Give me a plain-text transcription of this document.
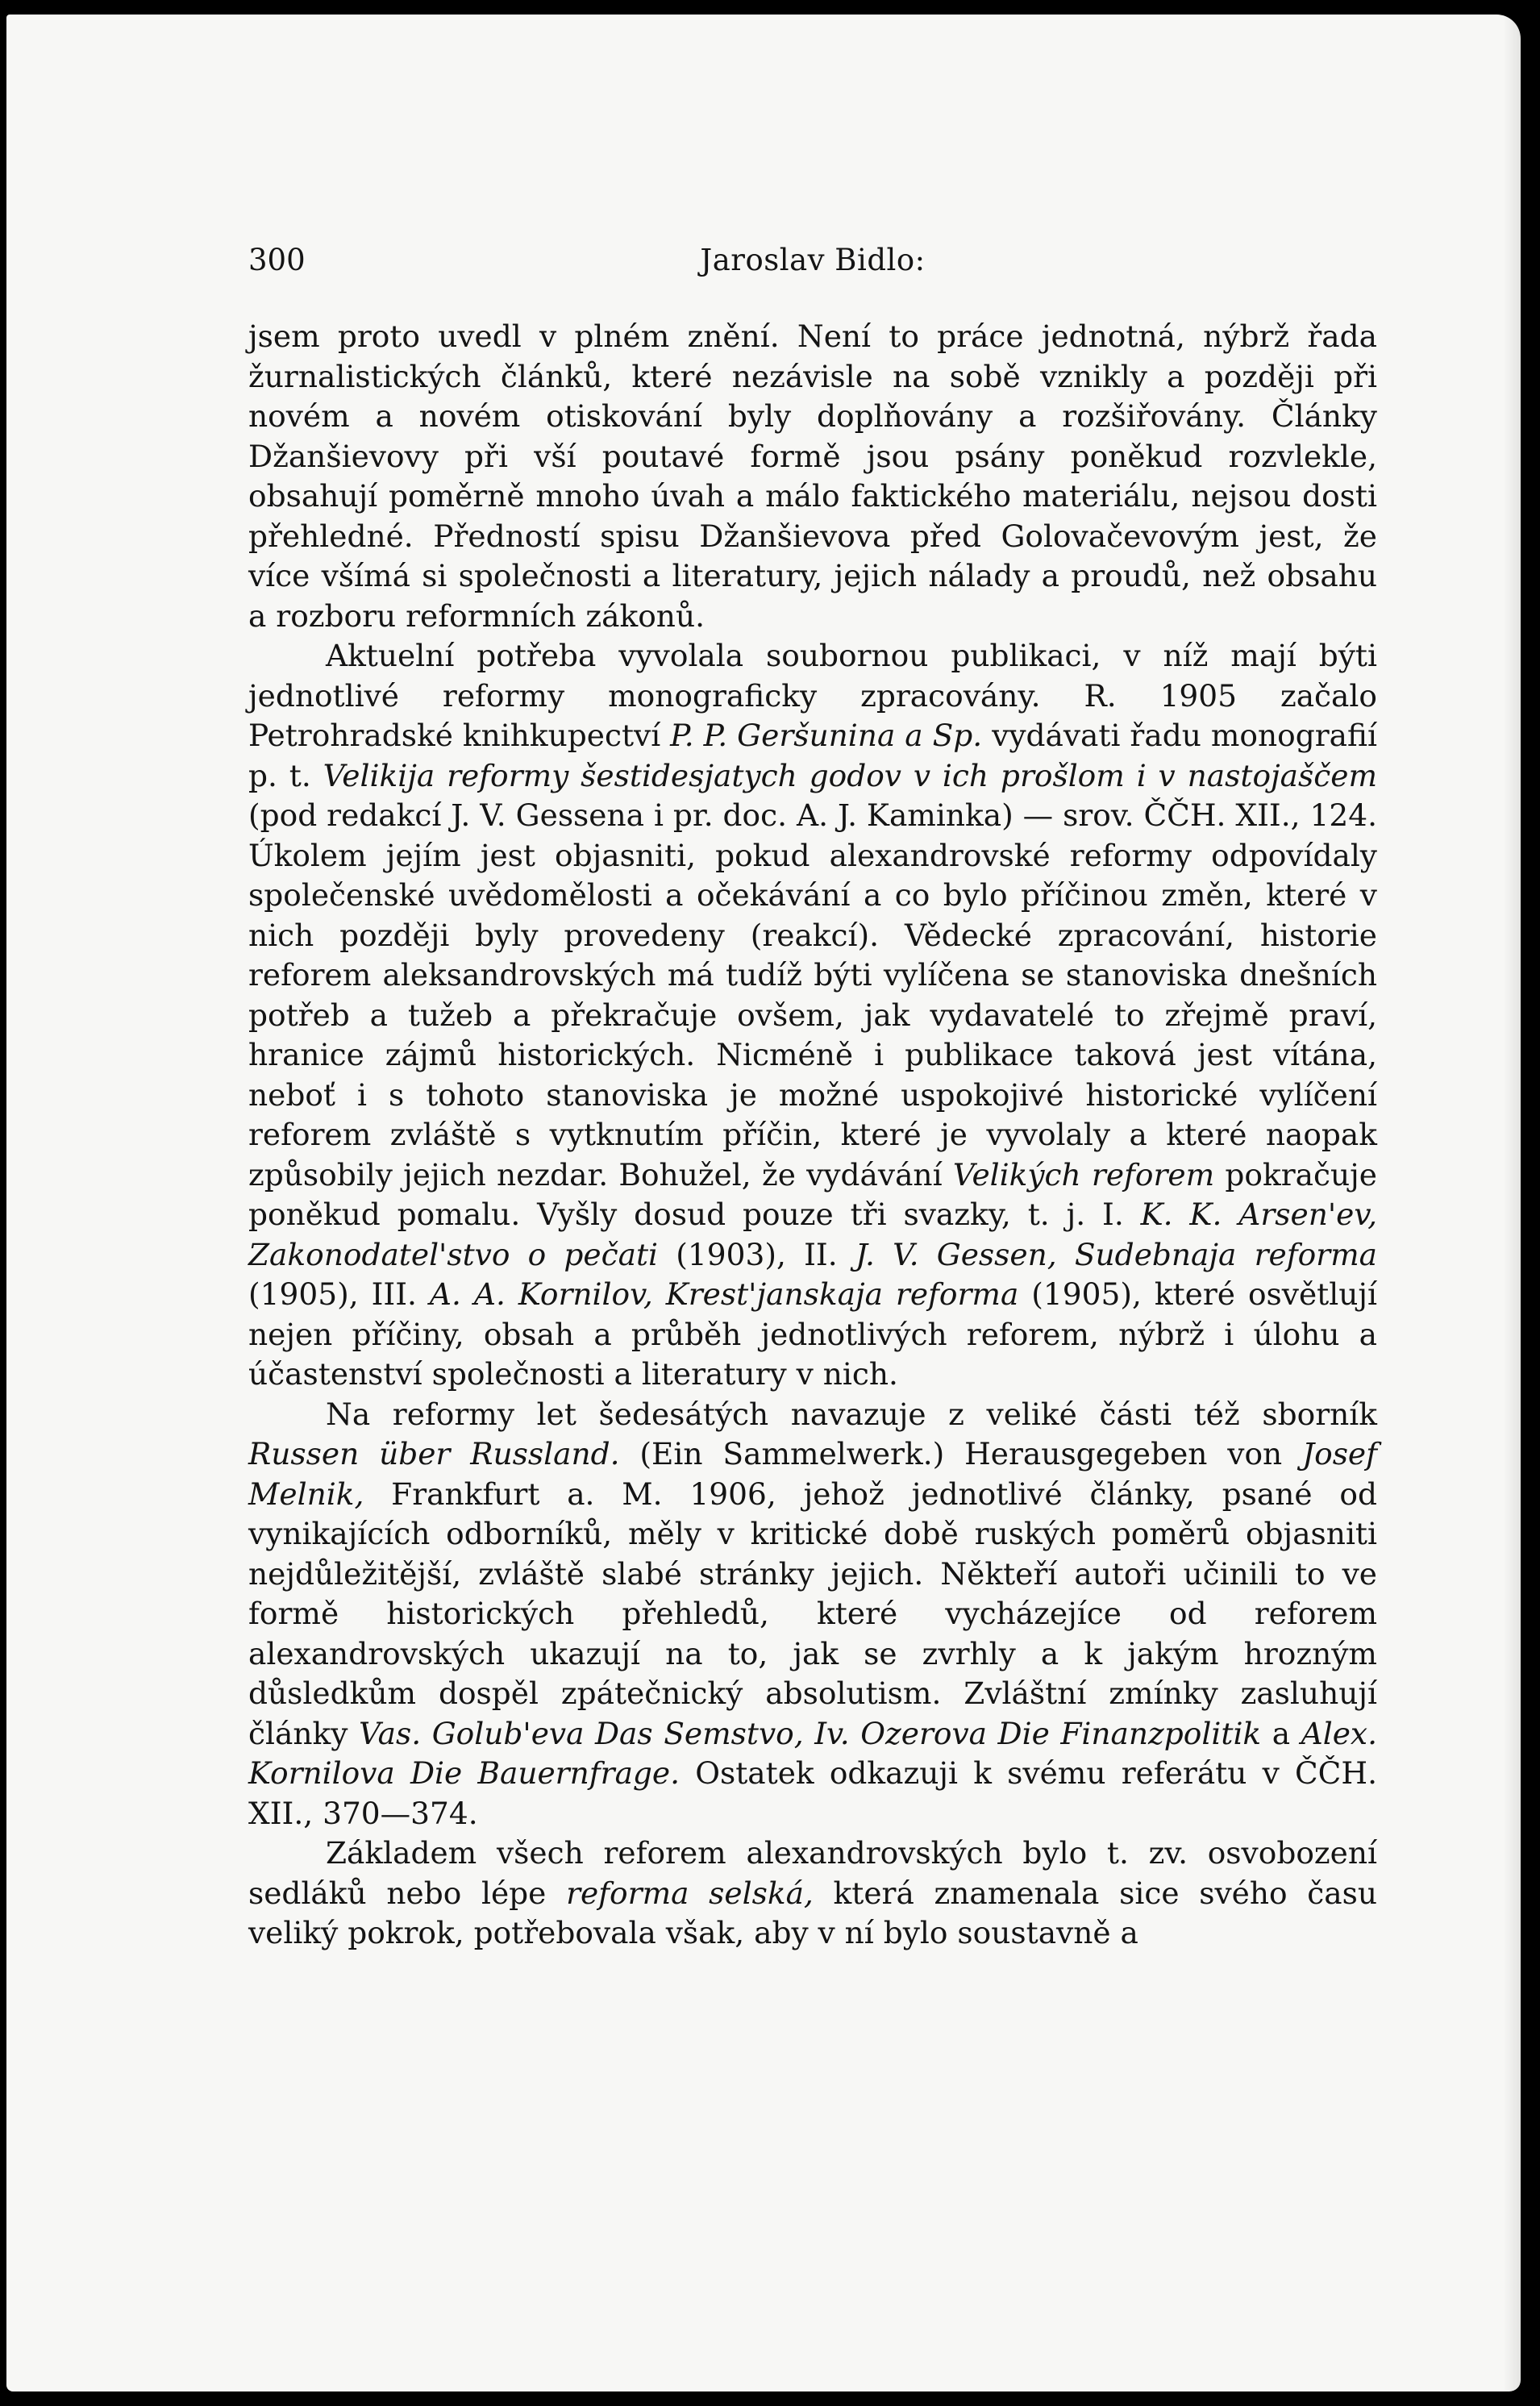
300	Jaroslav Bidlo:

jsem proto uvedl v plném znění. Není to práce jednotná, nýbrž řada žurnalistických článků, které nezávisle na sobě vznikly a později při novém a novém otiskování byly doplňovány a rozšiřovány. Články Džanšievovy při vší poutavé formě jsou psány poněkud rozvlekle, obsahují poměrně mnoho úvah a málo faktického materiálu, nejsou dosti přehledné. Předností spisu Džanšievova před Golovačevovým jest, že více všímá si společnosti a literatury, jejich nálady a proudů, než obsahu a rozboru reformních zákonů.

Aktuelní potřeba vyvolala soubornou publikaci, v níž mají býti jednotlivé reformy monograficky zpracovány. R. 1905 začalo Petrohradské knihkupectví P. P. Geršunina a Sp. vydávati řadu monografií p. t. Velikija reformy šestidesjatych godov v ich prošlom i v nastojaščem (pod redakcí J. V. Gessena i pr. doc. A. J. Kaminka) — srov. ČČH. XII., 124. Úkolem jejím jest objasniti, pokud alexandrovské reformy odpovídaly společenské uvědomělosti a očekávání a co bylo příčinou změn, které v nich později byly provedeny (reakcí). Vědecké zpracování, historie reforem aleksandrovských má tudíž býti vylíčena se stanoviska dnešních potřeb a tužeb a překračuje ovšem, jak vydavatelé to zřejmě praví, hranice zájmů historických. Nicméně i publikace taková jest vítána, neboť i s tohoto stanoviska je možné uspokojivé historické vylíčení reforem zvláště s vytknutím příčin, které je vyvolaly a které naopak způsobily jejich nezdar. Bohužel, že vydávání Velikých reforem pokračuje poněkud pomalu. Vyšly dosud pouze tři svazky, t. j. I. K. K. Arsen'ev, Zakonodatel'stvo o pečati (1903), II. J. V. Gessen, Sudebnaja reforma (1905), III. A. A. Kornilov, Krest'janskaja reforma (1905), které osvětlují nejen příčiny, obsah a průběh jednotlivých reforem, nýbrž i úlohu a účastenství společnosti a literatury v nich.

Na reformy let šedesátých navazuje z veliké části též sborník Russen über Russland. (Ein Sammelwerk.) Herausgegeben von Josef Melnik, Frankfurt a. M. 1906, jehož jednotlivé články, psané od vynikajících odborníků, měly v kritické době ruských poměrů objasniti nejdůležitější, zvláště slabé stránky jejich. Někteří autoři učinili to ve formě historických přehledů, které vycházejíce od reforem alexandrovských ukazují na to, jak se zvrhly a k jakým hrozným důsledkům dospěl zpátečnický absolutism. Zvláštní zmínky zasluhují články Vas. Golub'eva Das Semstvo, Iv. Ozerova Die Finanzpolitik a Alex. Kornilova Die Bauernfrage. Ostatek odkazuji k svému referátu v ČČH. XII., 370—374.

Základem všech reforem alexandrovských bylo t. zv. osvobození sedláků nebo lépe reforma selská, která znamenala sice svého času veliký pokrok, potřebovala však, aby v ní bylo soustavně a
